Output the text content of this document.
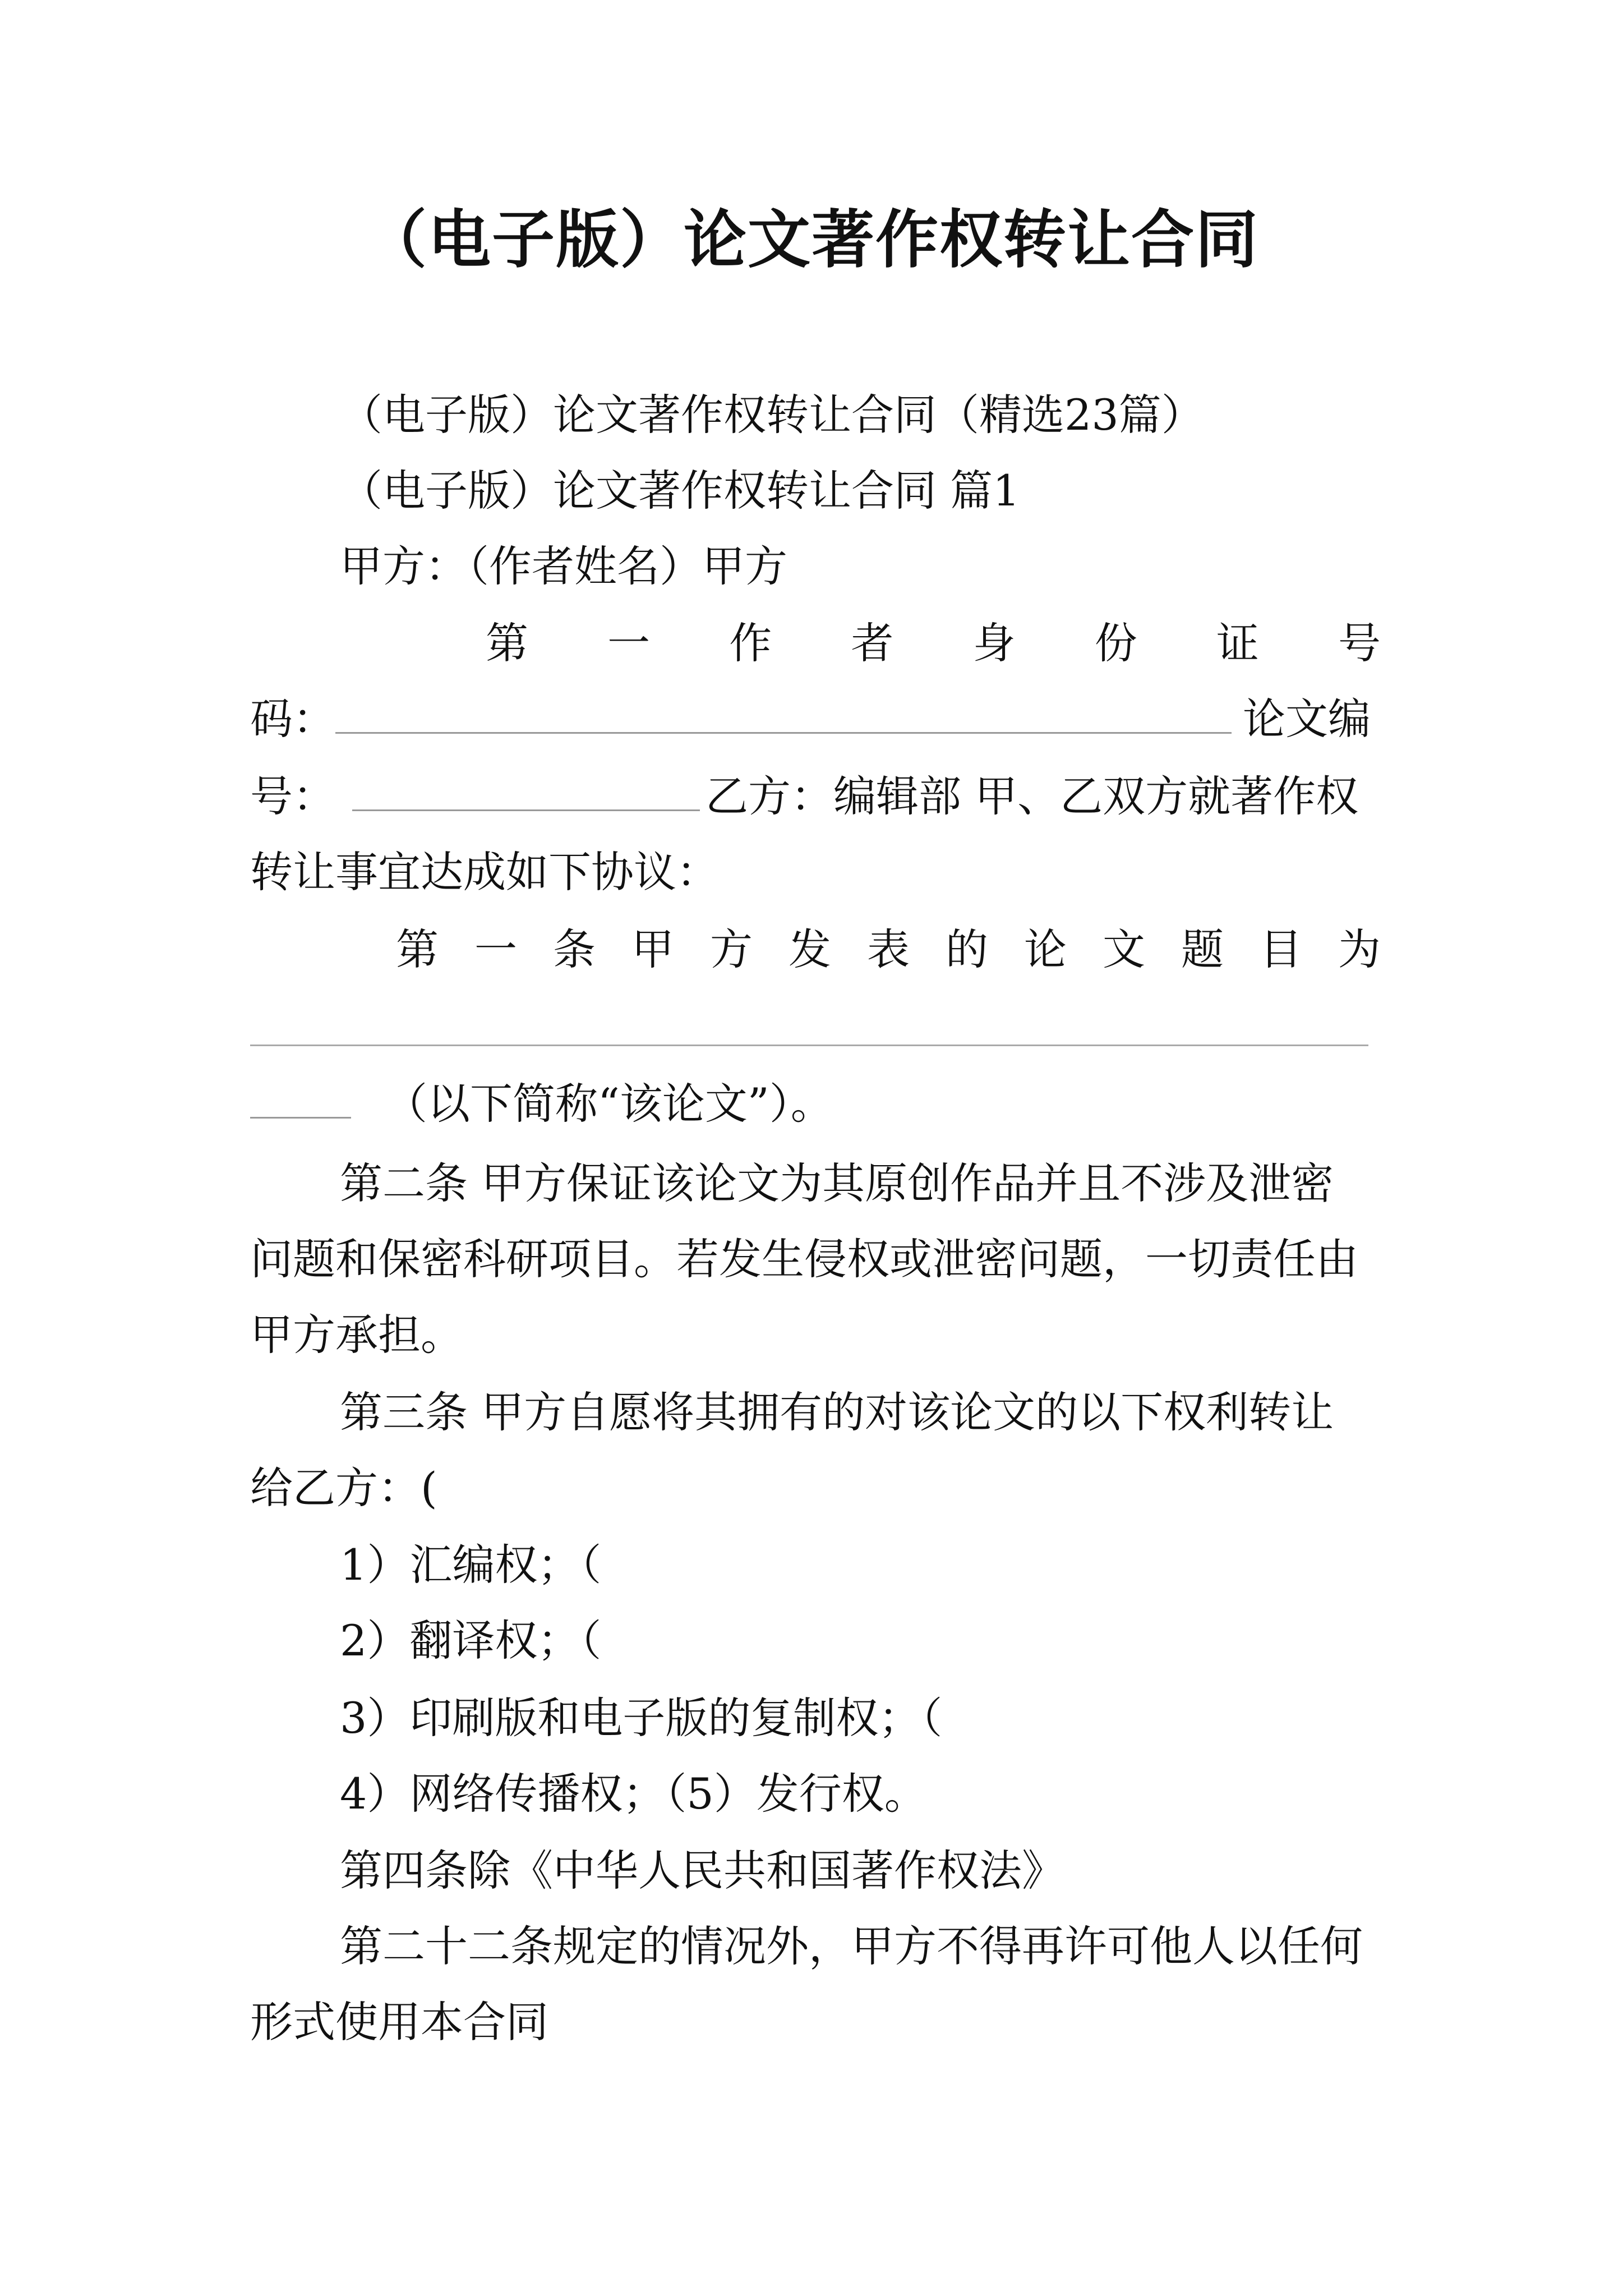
（电子版）论文著作权转让合同
（电子版）论文著作权转让合同（精选23篇）
（电子版）论文著作权转让合同 篇1
甲方：（作者姓名）甲方
第 一 作 者 身 份 证 号
码：	论文编
号：	乙方：编辑部 甲、乙双方就著作权
转让事宜达成如下协议：
第 一 条 甲 方 发 表 的 论 文 题 目 为
（以下简称“该论文”）。
第二条 甲方保证该论文为其原创作品并且不涉及泄密
问题和保密科研项目。若发生侵权或泄密问题，一切责任由
甲方承担。
第三条 甲方自愿将其拥有的对该论文的以下权利转让
给乙方：(
1）汇编权；（
2）翻译权；（
3）印刷版和电子版的复制权；（
4）网络传播权；（5）发行权。
第四条除《中华人民共和国著作权法》
第二十二条规定的情况外，甲方不得再许可他人以任何
形式使用本合同
